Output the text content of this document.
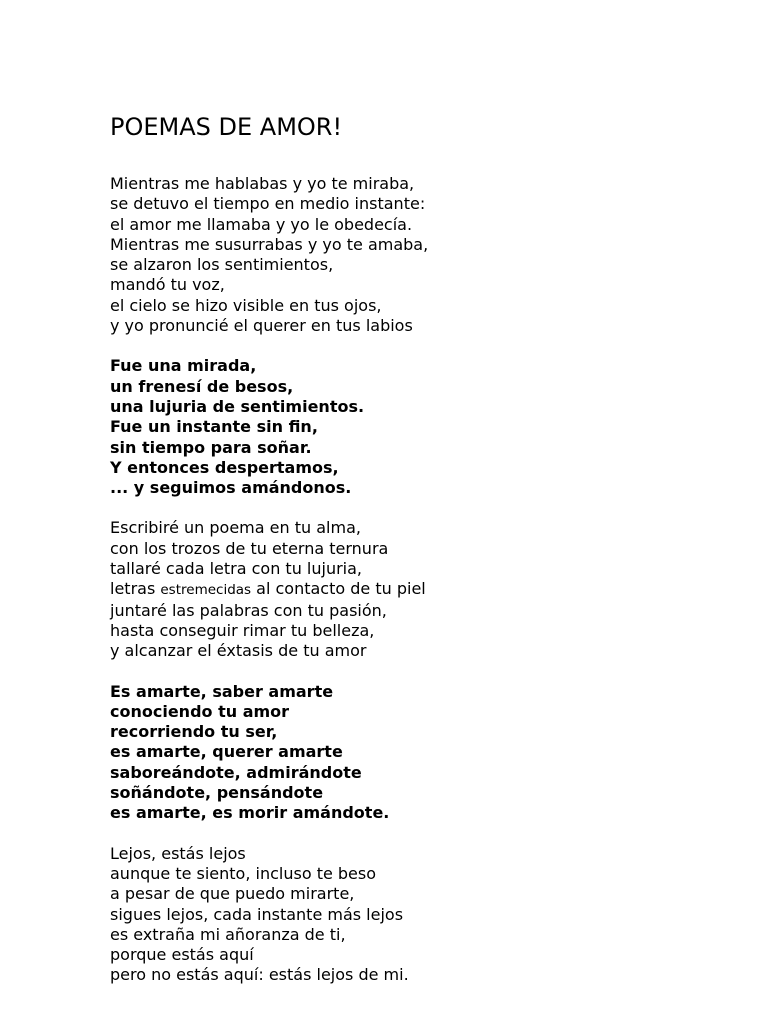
POEMAS DE AMOR!
Mientras me hablabas y yo te miraba,
se detuvo el tiempo en medio instante:
el amor me llamaba y yo le obedecía.
Mientras me susurrabas y yo te amaba,
se alzaron los sentimientos,
mandó tu voz,
el cielo se hizo visible en tus ojos,
y yo pronuncié el querer en tus labios
Fue una mirada,
un frenesí de besos,
una lujuria de sentimientos.
Fue un instante sin fin,
sin tiempo para soñar.
Y entonces despertamos,
... y seguimos amándonos.
Escribiré un poema en tu alma,
con los trozos de tu eterna ternura
tallaré cada letra con tu lujuria,
letras estremecidas al contacto de tu piel
juntaré las palabras con tu pasión,
hasta conseguir rimar tu belleza,
y alcanzar el éxtasis de tu amor
Es amarte, saber amarte
conociendo tu amor
recorriendo tu ser,
es amarte, querer amarte
saboreándote, admirándote
soñándote, pensándote
es amarte, es morir amándote.
Lejos, estás lejos
aunque te siento, incluso te beso
a pesar de que puedo mirarte,
sigues lejos, cada instante más lejos
es extraña mi añoranza de ti,
porque estás aquí
pero no estás aquí: estás lejos de mi.
